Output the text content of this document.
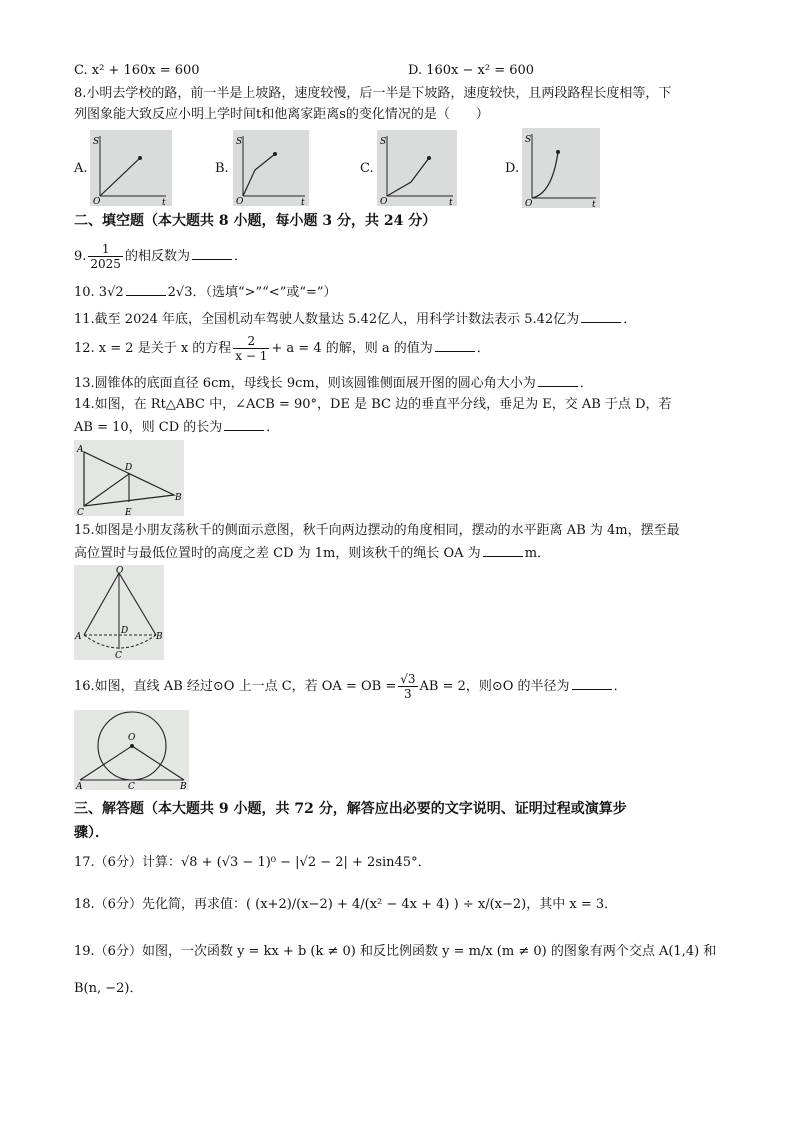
C. x² + 160x = 600	D. 160x − x² = 600
8.小明去学校的路，前一半是上坡路，速度较慢，后一半是下坡路，速度较快，且两段路程长度相等，下
列图象能大致反应小明上学时间t和他离家距离s的变化情况的是（　　）
A.
S
O	t
B.
S
O	t
C.
S
O	t
D.
S
O	t
二、填空题（本大题共 8 小题，每小题 3 分，共 24 分）
9. $\frac{1}{2025}$ 的相反数为	．
10. 3√2	2√3．（选填“>”“<”或“=”）
11.截至 2024 年底，全国机动车驾驶人数量达 5.42亿人，用科学计数法表示 5.42亿为	．
12. x = 2 是关于 x 的方程 $\frac{2}{x - 1} + a = 4$ 的解，则 a 的值为	．
13.圆锥体的底面直径 6cm，母线长 9cm，则该圆锥侧面展开图的圆心角大小为	．
14.如图，在 Rt△ABC 中，∠ACB = 90°，DE 是 BC 边的垂直平分线，垂足为 E，交 AB 于点 D，若
AB = 10，则 CD 的长为	．
A
D
C	E
B
15.如图是小朋友荡秋千的侧面示意图，秋千向两边摆动的角度相同，摆动的水平距离 AB 为 4m，摆至最
高位置时与最低位置时的高度之差 CD 为 1m，则该秋千的绳长 OA 为	m．
O
A
D
B
C
16.如图，直线 AB 经过⊙O 上一点 C，若 OA = OB = $\frac{√3}{3}$ AB = 2，则⊙O 的半径为	．
O
A	C	B
三、解答题（本大题共 9 小题，共 72 分，解答应出必要的文字说明、证明过程或演算步
骤）．
17.（6分）计算：√8 + (√3 − 1)⁰ − |√2 − 2| + 2sin45°．
18.（6分）先化简，再求值：( (x+2)/(x−2) + 4/(x² − 4x + 4) ) ÷ x/(x−2)，其中 x = 3．
19.（6分）如图，一次函数 y = kx + b (k ≠ 0) 和反比例函数 y = m/x (m ≠ 0) 的图象有两个交点 A(1,4) 和
B(n, −2)．
